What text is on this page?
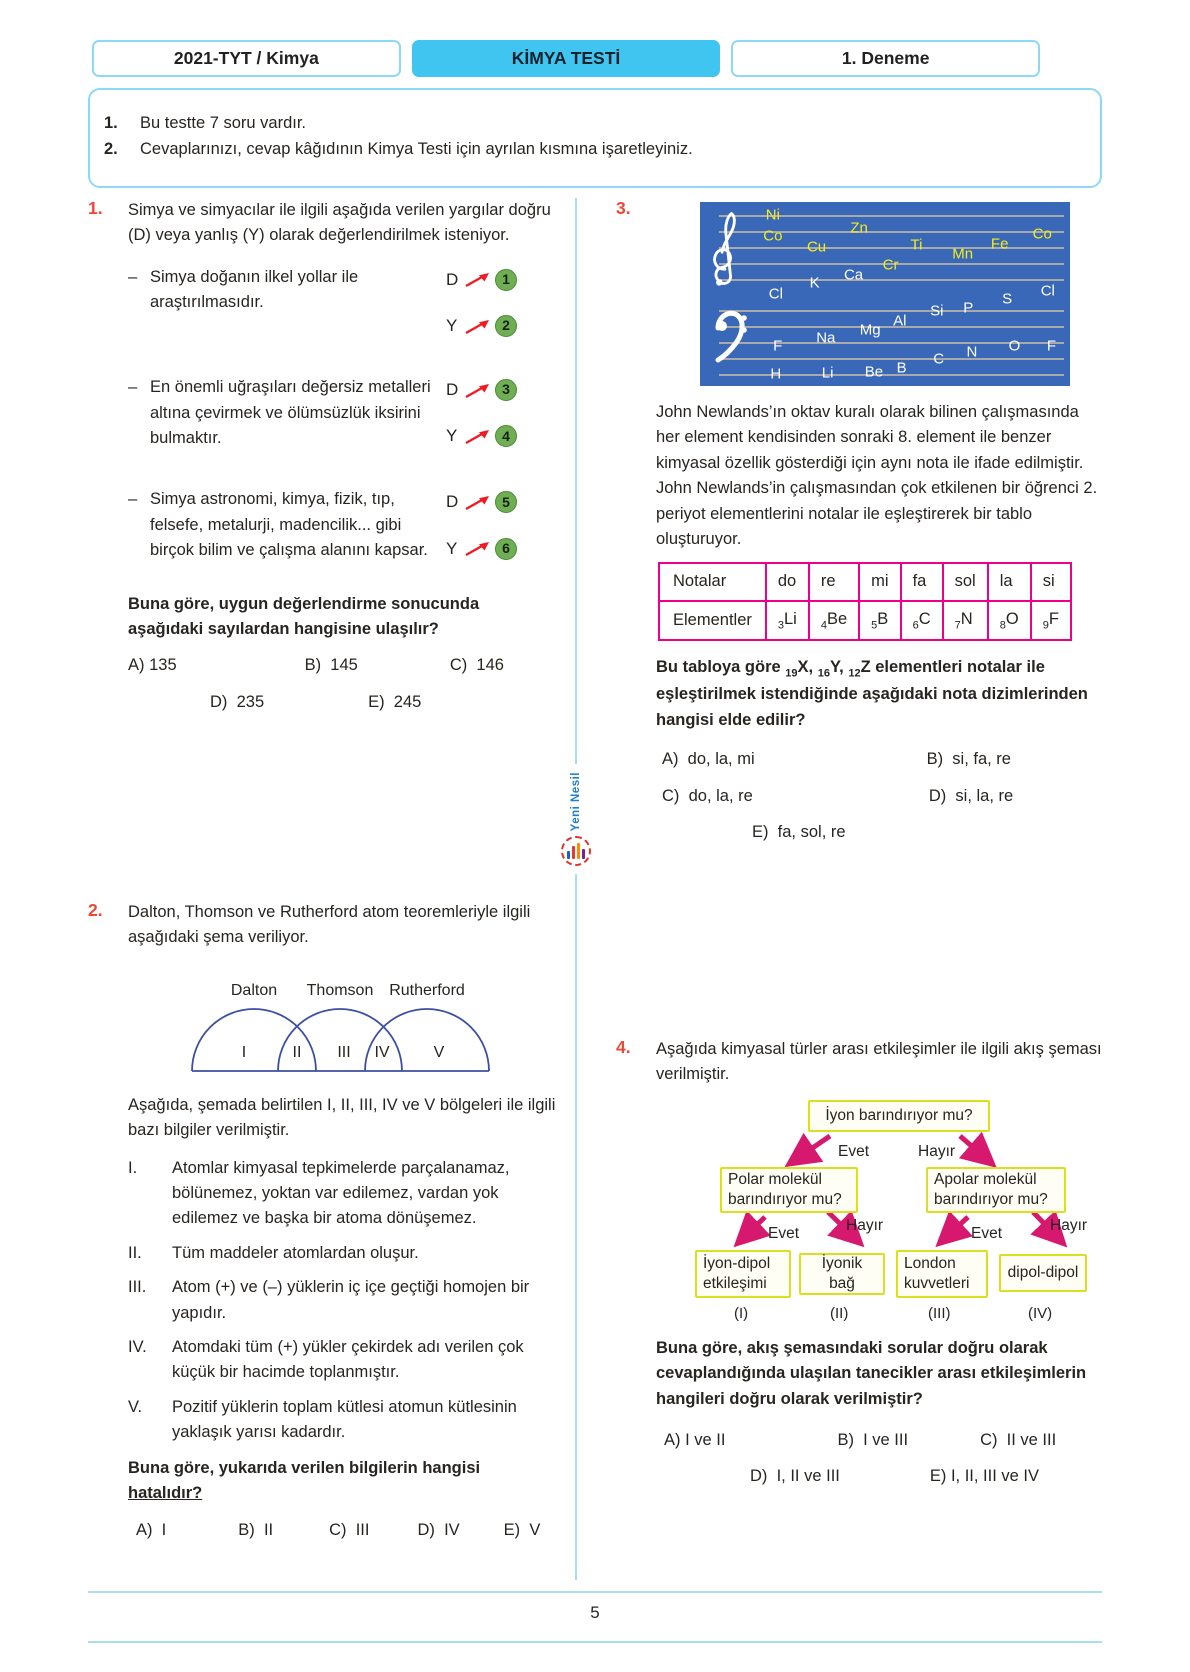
2021-TYT / Kimya	KİMYA TESTİ	1. Deneme
1.	Bu testte 7 soru vardır.
2.	Cevaplarınızı, cevap kâğıdının Kimya Testi için ayrılan kısmına işaretleyiniz.
1.	Simya ve simyacılar ile ilgili aşağıda verilen yargılar doğru (D) veya yanlış (Y) olarak değerlendirilmek isteniyor.
– Simya doğanın ilkel yollar ile araştırılmasıdır.
D	1
Y	2
– En önemli uğraşıları değersiz metalleri altına çevirmek ve ölümsüzlük iksirini bulmaktır.
D	3
Y	4
– Simya astronomi, kimya, fizik, tıp, felsefe, metalurji, madencilik... gibi birçok bilim ve çalışma alanını kapsar.
D	5
Y	6
Buna göre, uygun değerlendirme sonucunda aşağıdaki sayılardan hangisine ulaşılır?
A) 135	B) 145	C) 146
D) 235	E) 245
2.	Dalton, Thomson ve Rutherford atom teoremleriyle ilgili aşağıdaki şema veriliyor.
Dalton Thomson Rutherford
I	II III IV	V
Aşağıda, şemada belirtilen I, II, III, IV ve V bölgeleri ile ilgili bazı bilgiler verilmiştir.
I.	Atomlar kimyasal tepkimelerde parçalanamaz, bölünemez, yoktan var edilemez, vardan yok edilemez ve başka bir atoma dönüşemez.
II.	Tüm maddeler atomlardan oluşur.
III.	Atom (+) ve (–) yüklerin iç içe geçtiği homojen bir yapıdır.
IV.	Atomdaki tüm (+) yükler çekirdek adı verilen çok küçük bir hacimde toplanmıştır.
V.	Pozitif yüklerin toplam kütlesi atomun kütlesinin yaklaşık yarısı kadardır.
Buna göre, yukarıda verilen bilgilerin hangisi hatalıdır?
A) I	B) II	C) III	D) IV	E) V
Yeni Nesil
3.	Ni
Co
Cu
Zn
Ti
Mn
Fe
Co
Cr
Cl
K Ca
S Cl
F Na Mg
Al
Si P
H	Li Be B C N O F
John Newlands’ın oktav kuralı olarak bilinen çalışmasında her element kendisinden sonraki 8. element ile benzer kimyasal özellik gösterdiği için aynı nota ile ifade edilmiştir. John Newlands’in çalışmasından çok etkilenen bir öğrenci 2. periyot elementlerini notalar ile eşleştirerek bir tablo oluşturuyor.
Notalar	do	re	mi	fa	sol	la	si
Elementler	$_3$Li	$_4$Be	$_5$B	$_6$C	$_7$N	$_8$O	$_9$F
Bu tabloya göre $_{19}$X, $_{16}$Y, $_{12}$Z elementleri notalar ile eşleştirilmek istendiğinde aşağıdaki nota dizimlerinden hangisi elde edilir?
A) do, la, mi	B) si, fa, re
C) do, la, re	D) si, la, re
E) fa, sol, re
4.	Aşağıda kimyasal türler arası etkileşimler ile ilgili akış şeması verilmiştir.
İyon barındırıyor mu?
Evet	Hayır
Polar molekül barındırıyor mu?
Apolar molekül barındırıyor mu?
Evet	Hayır	Evet	Hayır
İyon-dipol etkileşimi
İyonik bağ
London kuvvetleri
dipol-dipol
(I)	(II)	(III)	(IV)
Buna göre, akış şemasındaki sorular doğru olarak cevaplandığında ulaşılan tanecikler arası etkileşimlerin hangileri doğru olarak verilmiştir?
A) I ve II	B) I ve III	C) II ve III
D) I, II ve III	E) I, II, III ve IV
5
